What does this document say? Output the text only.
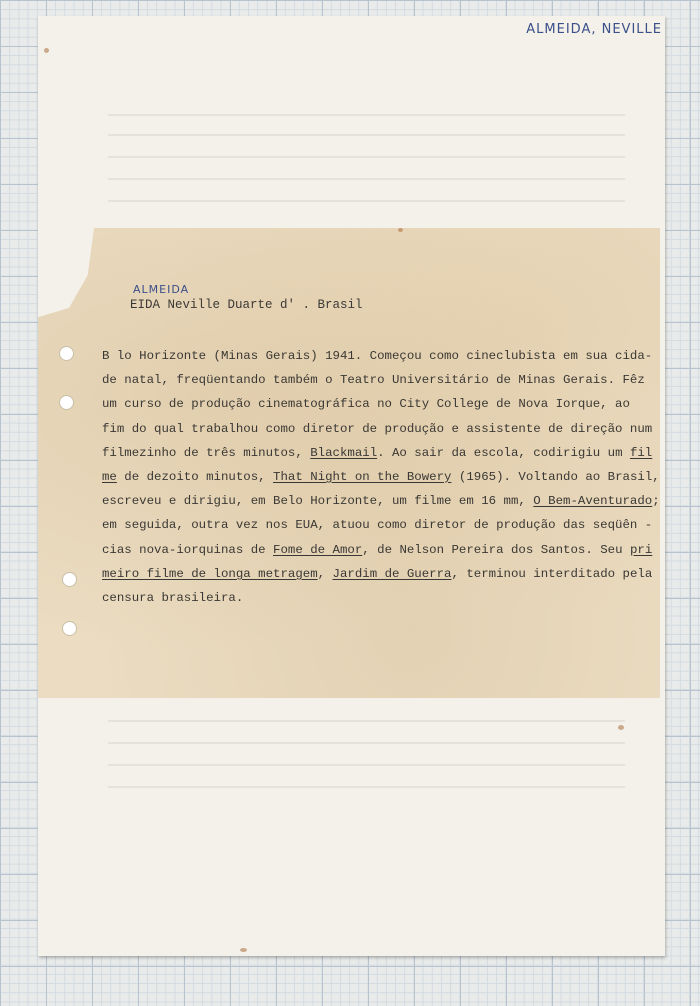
ALMEIDA, NEVILLE
ALMEIDA
EIDA Neville Duarte d' . Brasil
B lo Horizonte (Minas Gerais) 1941. Começou como cineclubista em sua cida-
de natal, freqüentando também o Teatro Universitário de Minas Gerais. Fêz
um curso de produção cinematográfica no City College de Nova Iorque, ao
fim do qual trabalhou como diretor de produção e assistente de direção num
filmezinho de três minutos, Blackmail. Ao sair da escola, codirigiu um fil
me de dezoito minutos, That Night on the Bowery (1965). Voltando ao Brasil,
escreveu e dirigiu, em Belo Horizonte, um filme em 16 mm, O Bem-Aventurado;
em seguida, outra vez nos EUA, atuou como diretor de produção das seqüên -
cias nova-iorquinas de Fome de Amor, de Nelson Pereira dos Santos. Seu pri
meiro filme de longa metragem, Jardim de Guerra, terminou interditado pela
censura brasileira.
